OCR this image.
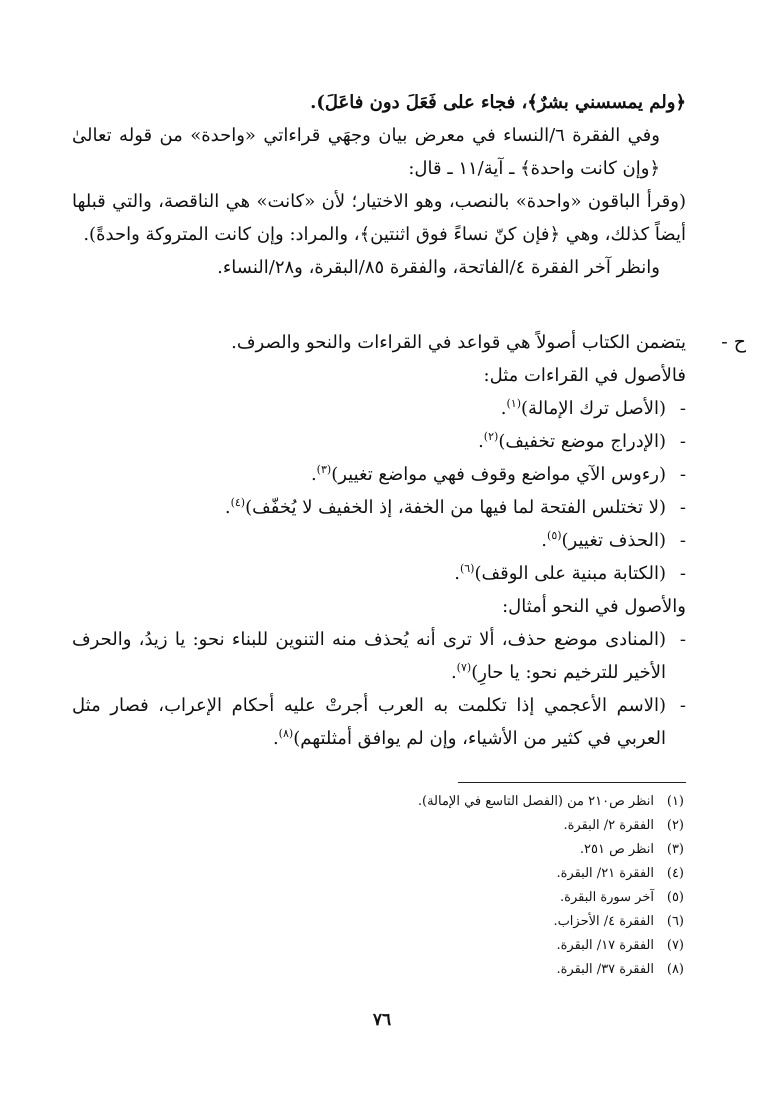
﴿ولم يمسسني بشرٌ﴾، فجاء على فَعَلَ دون فاعَلَ).

وفي الفقرة ٦/النساء في معرض بيان وجهَي قراءاتي «واحدة» من قوله تعالىٰ ﴿وإن كانت واحدة﴾ ـ آية/١١ ـ قال:

(وقرأ الباقون «واحدة» بالنصب، وهو الاختيار؛ لأن «كانت» هي الناقصة، والتي قبلها أيضاً كذلك، وهي ﴿فإن كنّ نساءً فوق اثنتين﴾، والمراد: وإن كانت المتروكة واحدةً).

وانظر آخر الفقرة ٤/الفاتحة، والفقرة ٨٥/البقرة، و٢٨/النساء.

ح -

يتضمن الكتاب أصولاً هي قواعد في القراءات والنحو والصرف.

فالأصول في القراءات مثل:

-
(الأصل ترك الإمالة)$^{(١)}$.

-
(الإدراج موضع تخفيف)$^{(٢)}$.

-
(رءوس الآي مواضع وقوف فهي مواضع تغيير)$^{(٣)}$.

-
(لا تختلس الفتحة لما فيها من الخفة، إذ الخفيف لا يُخفّف)$^{(٤)}$.

-
(الحذف تغيير)$^{(٥)}$.

-
(الكتابة مبنية على الوقف)$^{(٦)}$.

والأصول في النحو أمثال:

-
(المنادى موضع حذف، ألا ترى أنه يُحذف منه التنوين للبناء نحو: يا زيدُ، والحرف الأخير للترخيم نحو: يا حارِ)$^{(٧)}$.

-
(الاسم الأعجمي إذا تكلمت به العرب أجرتْ عليه أحكام الإعراب، فصار مثل العربي في كثير من الأشياء، وإن لم يوافق أمثلتهم)$^{(٨)}$.

(١)انظر ص٢١٠ من (الفصل التاسع في الإمالة).

(٢)الفقرة ٢/ البقرة.

(٣)انظر ص ٢٥١.

(٤)الفقرة ٢١/ البقرة.

(٥)آخر سورة البقرة.

(٦)الفقرة ٤/ الأحزاب.

(٧)الفقرة ١٧/ البقرة.

(٨)الفقرة ٣٧/ البقرة.

٧٦
